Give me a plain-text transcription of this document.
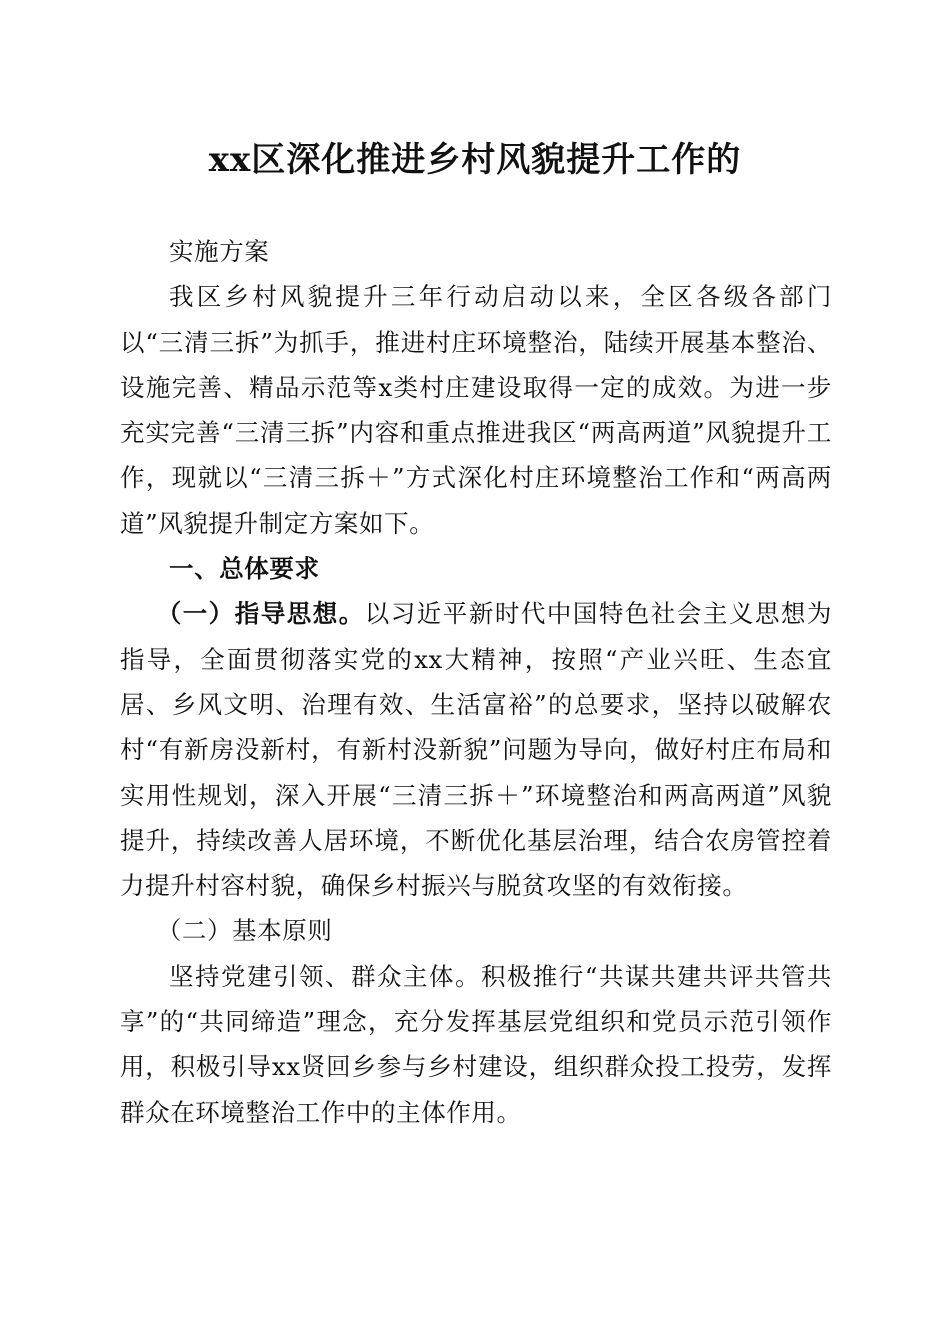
xx区深化推进乡村风貌提升工作的

实施方案

我区乡村风貌提升三年行动启动以来，全区各级各部门以“三清三拆”为抓手，推进村庄环境整治，陆续开展基本整治、设施完善、精品示范等x类村庄建设取得一定的成效。为进一步充实完善“三清三拆”内容和重点推进我区“两高两道”风貌提升工作，现就以“三清三拆＋”方式深化村庄环境整治工作和“两高两道”风貌提升制定方案如下。

一、总体要求

（一）指导思想。以习近平新时代中国特色社会主义思想为指导，全面贯彻落实党的xx大精神，按照“产业兴旺、生态宜居、乡风文明、治理有效、生活富裕”的总要求，坚持以破解农村“有新房没新村，有新村没新貌”问题为导向，做好村庄布局和实用性规划，深入开展“三清三拆＋”环境整治和两高两道”风貌提升，持续改善人居环境，不断优化基层治理，结合农房管控着力提升村容村貌，确保乡村振兴与脱贫攻坚的有效衔接。

（二）基本原则

坚持党建引领、群众主体。积极推行“共谋共建共评共管共享”的“共同缔造”理念，充分发挥基层党组织和党员示范引领作用，积极引导xx贤回乡参与乡村建设，组织群众投工投劳，发挥群众在环境整治工作中的主体作用。
